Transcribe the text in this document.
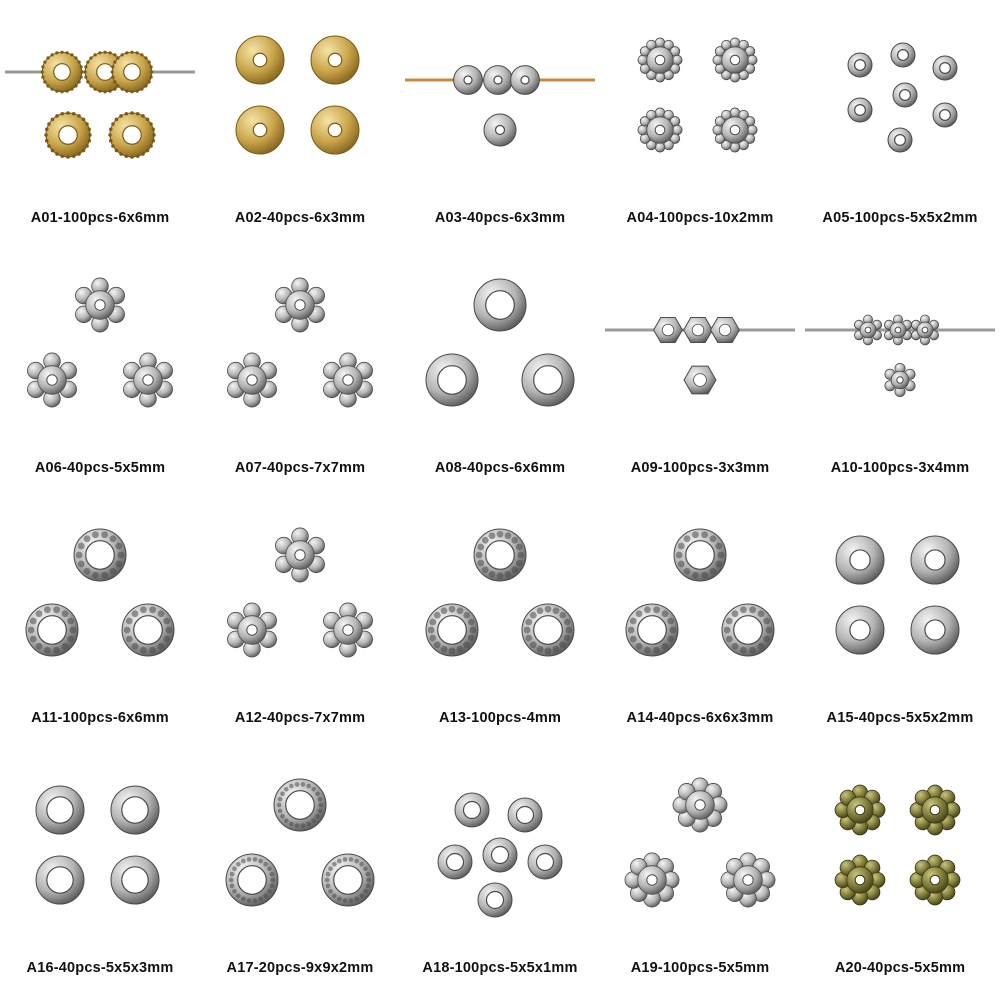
A01-100pcs-6x6mm	A02-40pcs-6x3mm	A03-40pcs-6x3mm	A04-100pcs-10x2mm	A05-100pcs-5x5x2mm
A06-40pcs-5x5mm	A07-40pcs-7x7mm	A08-40pcs-6x6mm	A09-100pcs-3x3mm	A10-100pcs-3x4mm
A11-100pcs-6x6mm	A12-40pcs-7x7mm	A13-100pcs-4mm	A14-40pcs-6x6x3mm	A15-40pcs-5x5x2mm
A16-40pcs-5x5x3mm	A17-20pcs-9x9x2mm	A18-100pcs-5x5x1mm	A19-100pcs-5x5mm	A20-40pcs-5x5mm
